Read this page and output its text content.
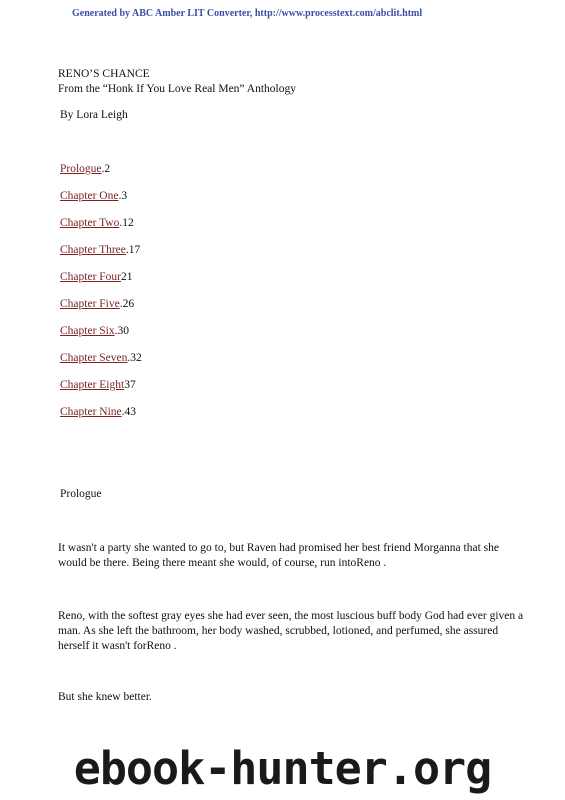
Generated by ABC Amber LIT Converter, http://www.processtext.com/abclit.html
RENO’S CHANCE
From the “Honk If You Love Real Men” Anthology
By Lora Leigh
Prologue.2
Chapter One.3
Chapter Two.12
Chapter Three.17
Chapter Four21
Chapter Five.26
Chapter Six.30
Chapter Seven.32
Chapter Eight37
Chapter Nine.43
Prologue
It wasn't a party she wanted to go to, but Raven had promised her best friend Morganna that she would be there. Being there meant she would, of course, run intoReno .
Reno, with the softest gray eyes she had ever seen, the most luscious buff body God had ever given a man. As she left the bathroom, her body washed, scrubbed, lotioned, and perfumed, she assured herself it wasn't forReno .
But she knew better.
ebook-hunter.org
